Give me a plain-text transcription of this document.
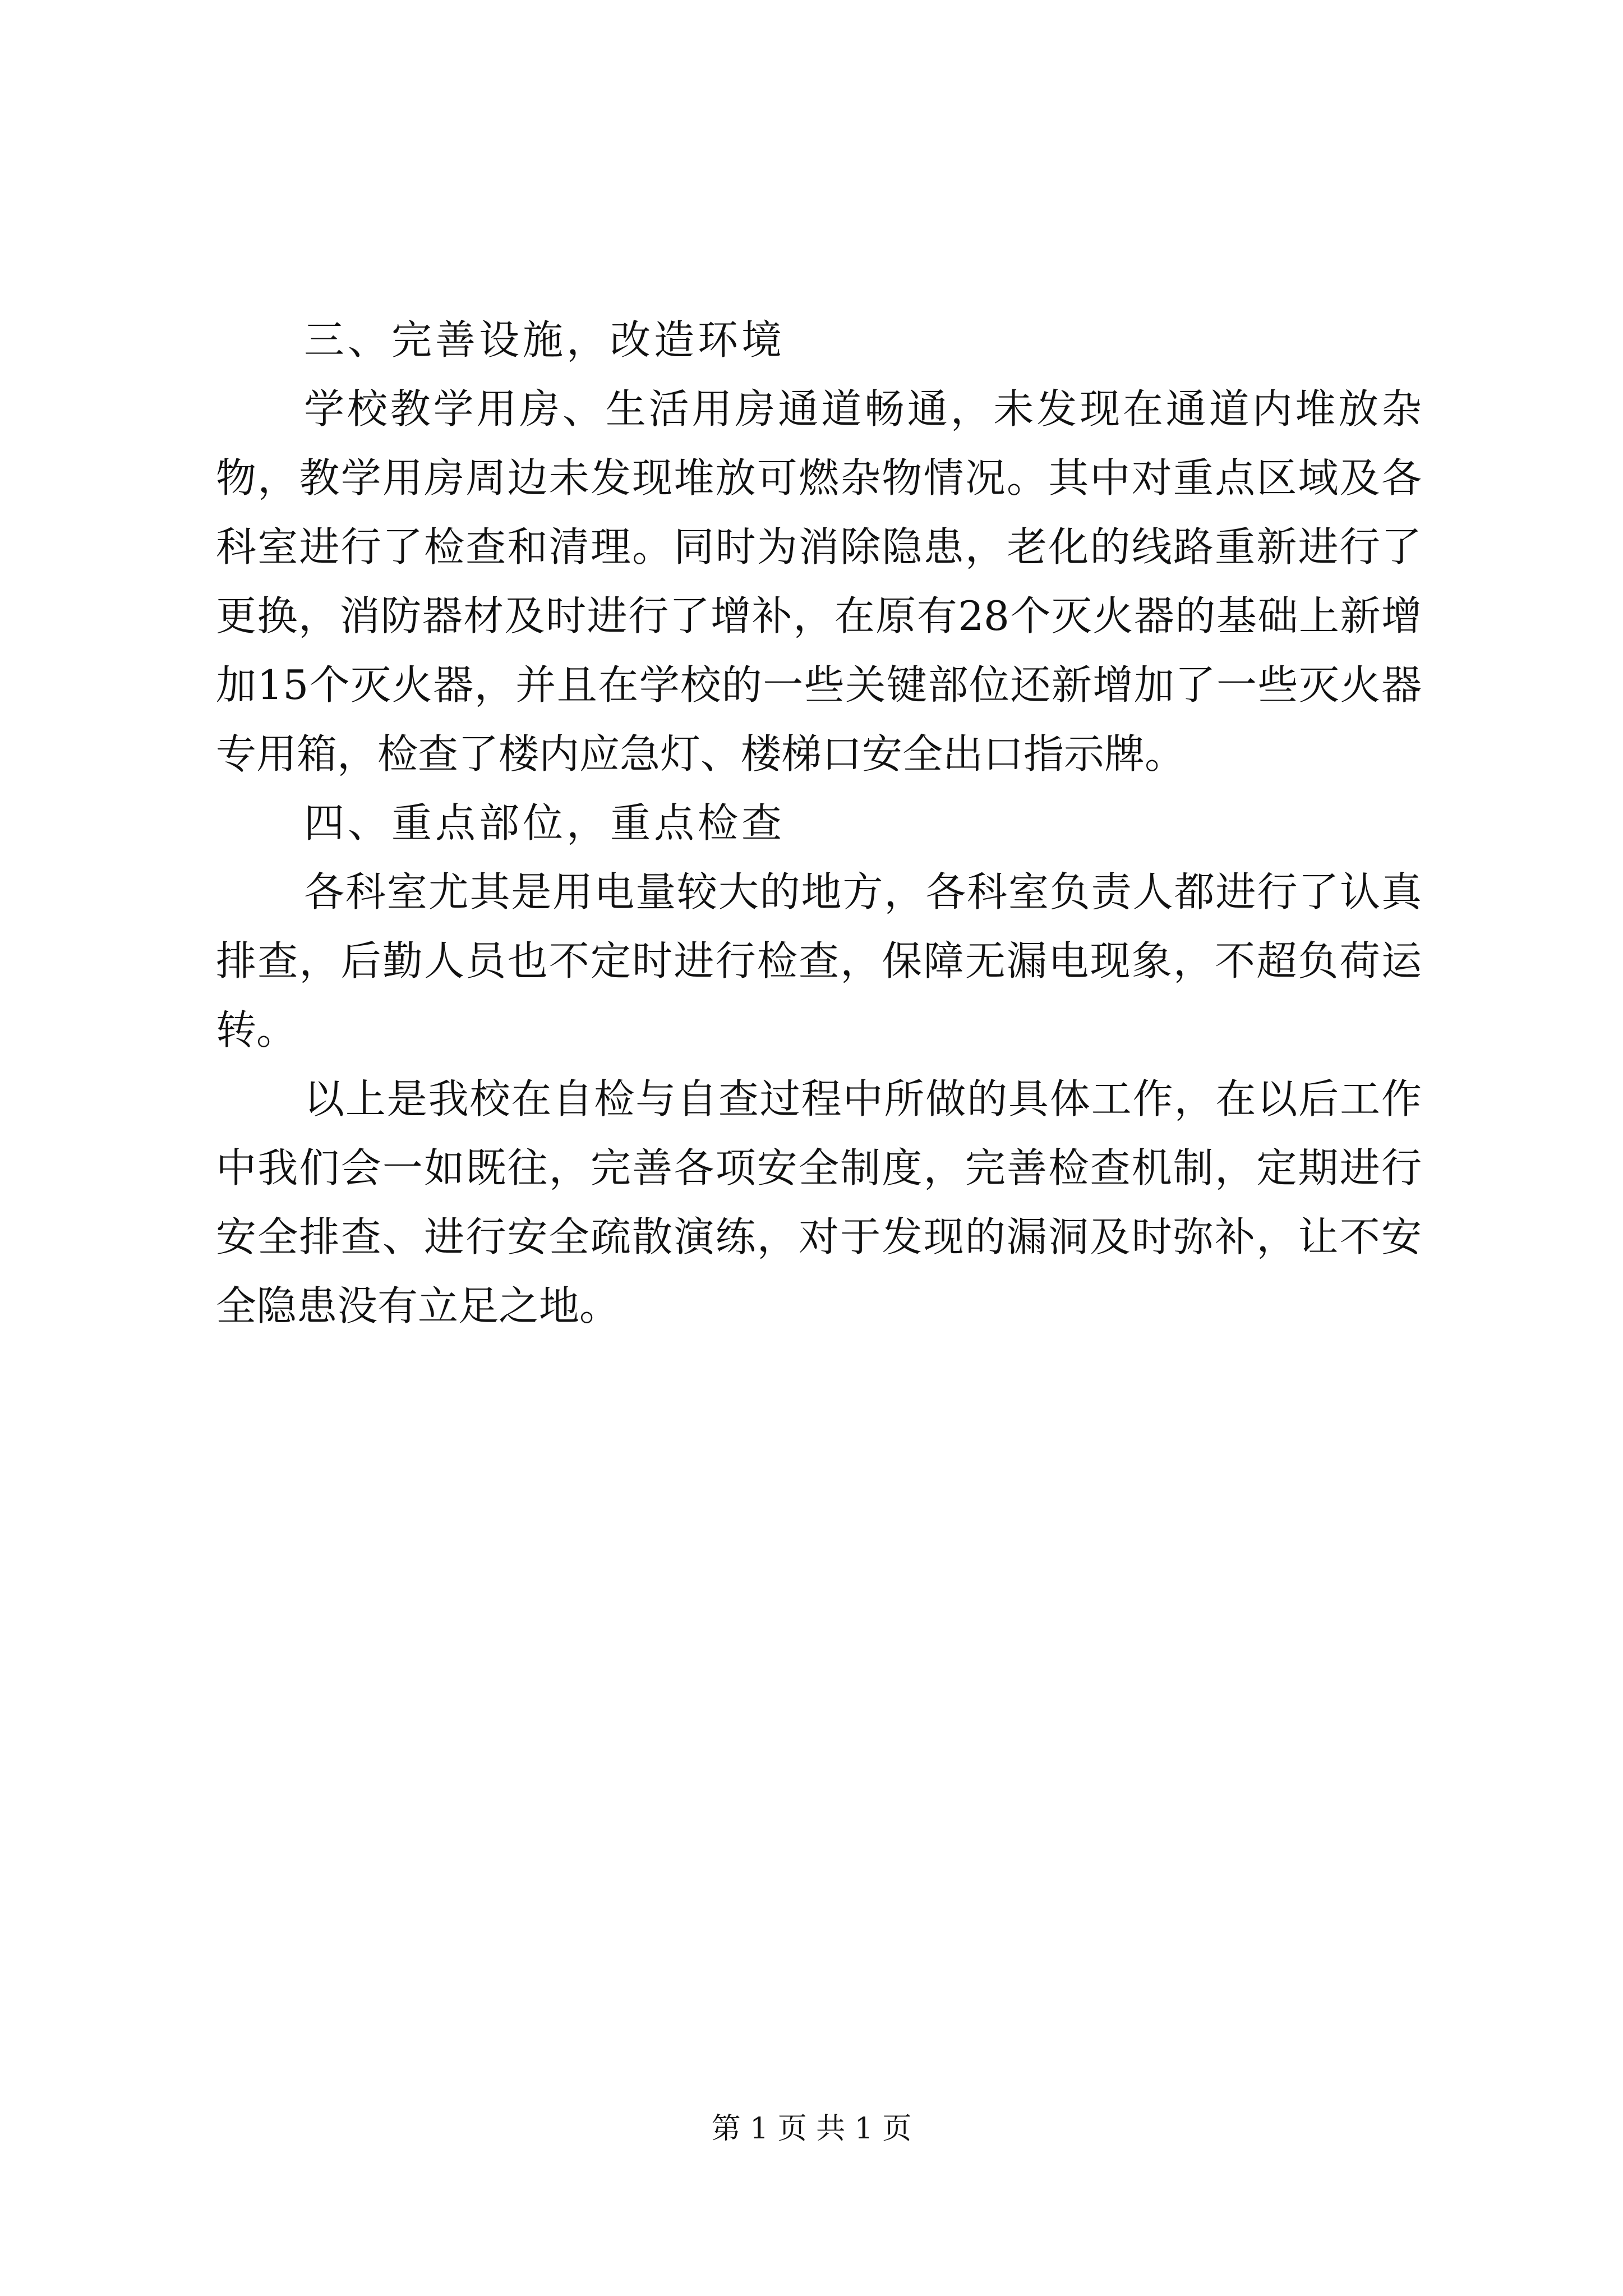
三、完善设施，改造环境

学校教学用房、生活用房通道畅通，未发现在通道内堆放杂物，教学用房周边未发现堆放可燃杂物情况。其中对重点区域及各科室进行了检查和清理。同时为消除隐患，老化的线路重新进行了更换，消防器材及时进行了增补，在原有28个灭火器的基础上新增加15个灭火器，并且在学校的一些关键部位还新增加了一些灭火器专用箱，检查了楼内应急灯、楼梯口安全出口指示牌。

四、重点部位，重点检查

各科室尤其是用电量较大的地方，各科室负责人都进行了认真排查，后勤人员也不定时进行检查，保障无漏电现象，不超负荷运转。

以上是我校在自检与自查过程中所做的具体工作，在以后工作中我们会一如既往，完善各项安全制度，完善检查机制，定期进行安全排查、进行安全疏散演练，对于发现的漏洞及时弥补，让不安全隐患没有立足之地。

第 1 页 共 1 页
